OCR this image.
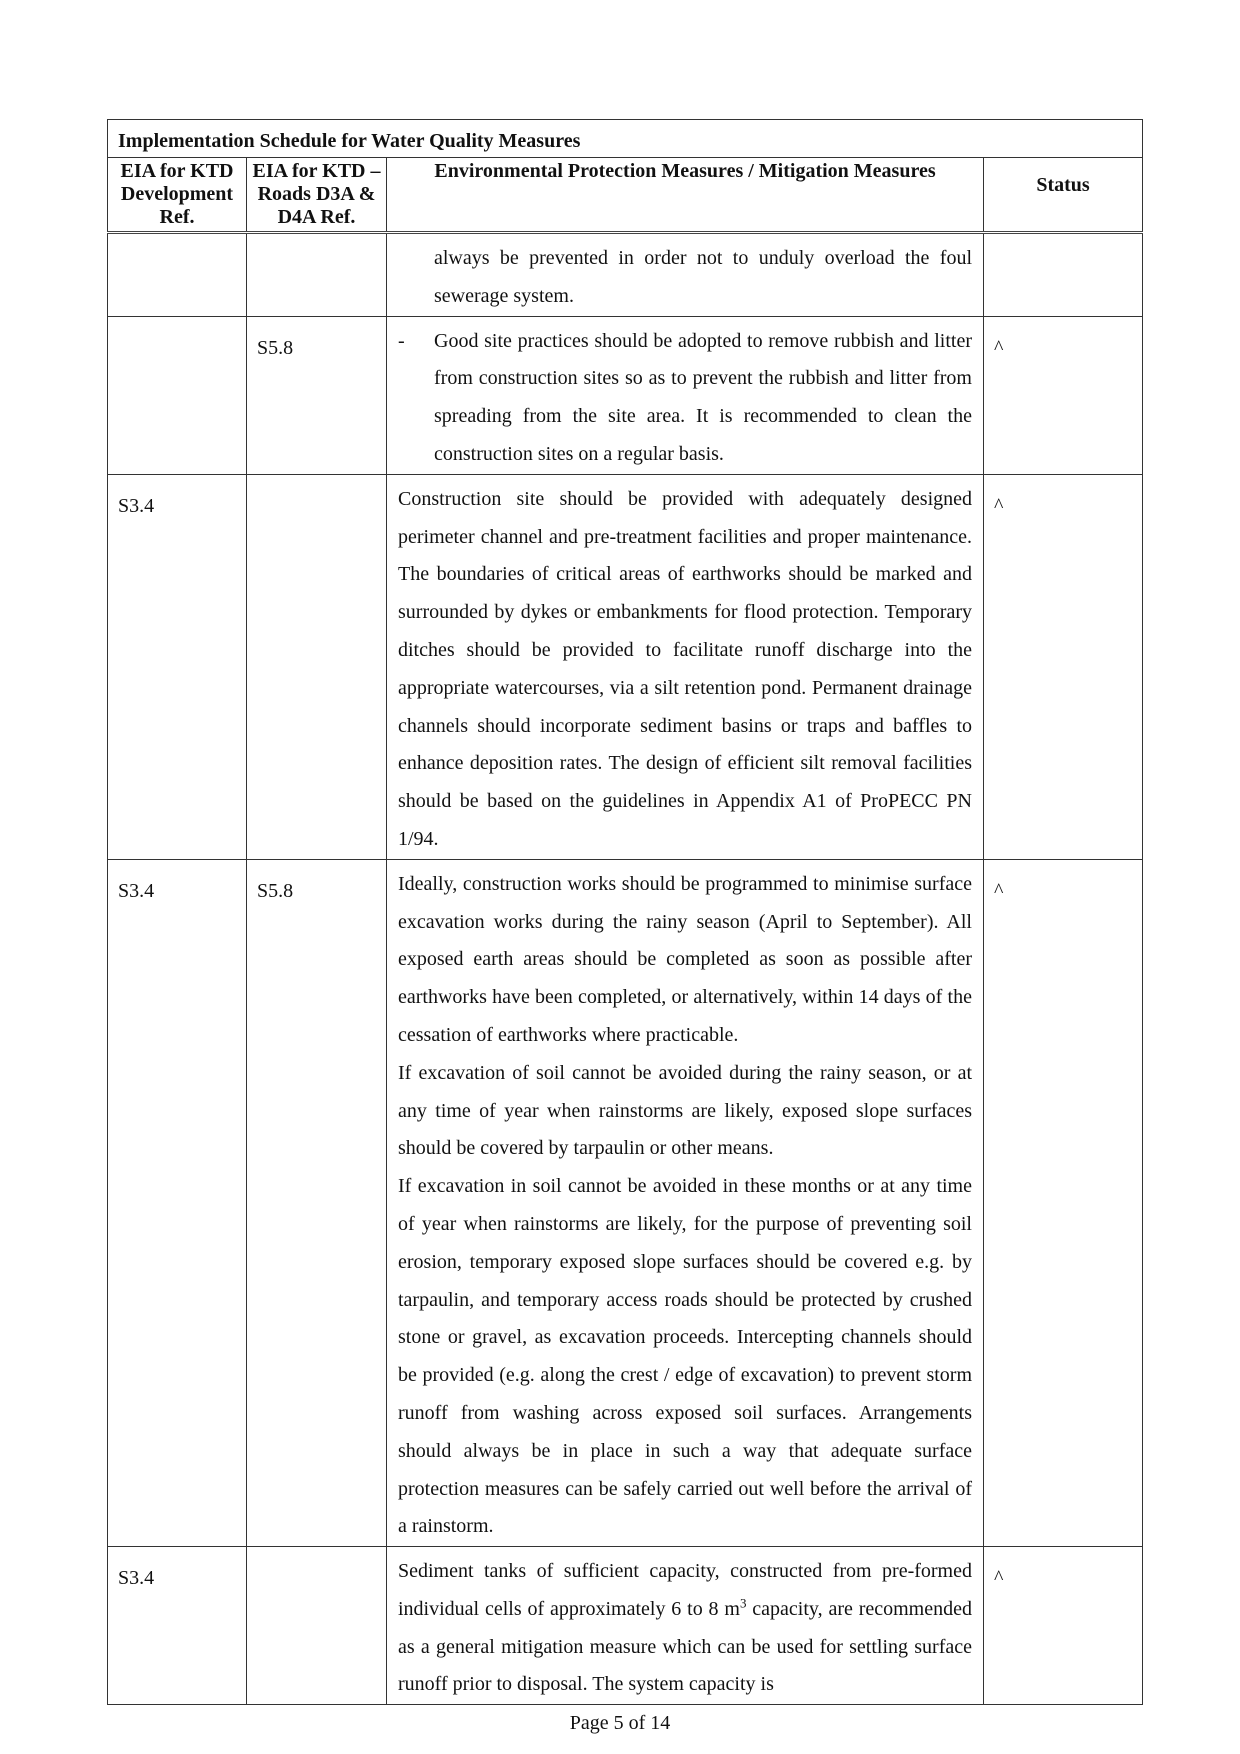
Implementation Schedule for Water Quality Measures			
EIA for KTD Development Ref.	EIA for KTD – Roads D3A & D4A Ref.	Environmental Protection Measures / Mitigation Measures	Status

		always be prevented in order not to unduly overload the foul sewerage system.	

	S5.8	- Good site practices should be adopted to remove rubbish and litter from construction sites so as to prevent the rubbish and litter from spreading from the site area. It is recommended to clean the construction sites on a regular basis.	^
S3.4		Construction site should be provided with adequately designed perimeter channel and pre-treatment facilities and proper maintenance. The boundaries of critical areas of earthworks should be marked and surrounded by dykes or embankments for flood protection. Temporary ditches should be provided to facilitate runoff discharge into the appropriate watercourses, via a silt retention pond. Permanent drainage channels should incorporate sediment basins or traps and baffles to enhance deposition rates. The design of efficient silt removal facilities should be based on the guidelines in Appendix A1 of ProPECC PN 1/94.	^
S3.4	S5.8	Ideally, construction works should be programmed to minimise surface excavation works during the rainy season (April to September). All exposed earth areas should be completed as soon as possible after earthworks have been completed, or alternatively, within 14 days of the cessation of earthworks where practicable.

If excavation of soil cannot be avoided during the rainy season, or at any time of year when rainstorms are likely, exposed slope surfaces should be covered by tarpaulin or other means.

If excavation in soil cannot be avoided in these months or at any time of year when rainstorms are likely, for the purpose of preventing soil erosion, temporary exposed slope surfaces should be covered e.g. by tarpaulin, and temporary access roads should be protected by crushed stone or gravel, as excavation proceeds. Intercepting channels should be provided (e.g. along the crest / edge of excavation) to prevent storm runoff from washing across exposed soil surfaces. Arrangements should always be in place in such a way that adequate surface protection measures can be safely carried out well before the arrival of a rainstorm.	^
S3.4		Sediment tanks of sufficient capacity, constructed from pre-formed individual cells of approximately 6 to 8 $m^3$ capacity, are recommended as a general mitigation measure which can be used for settling surface runoff prior to disposal. The system capacity is	^
Page 5 of 14
